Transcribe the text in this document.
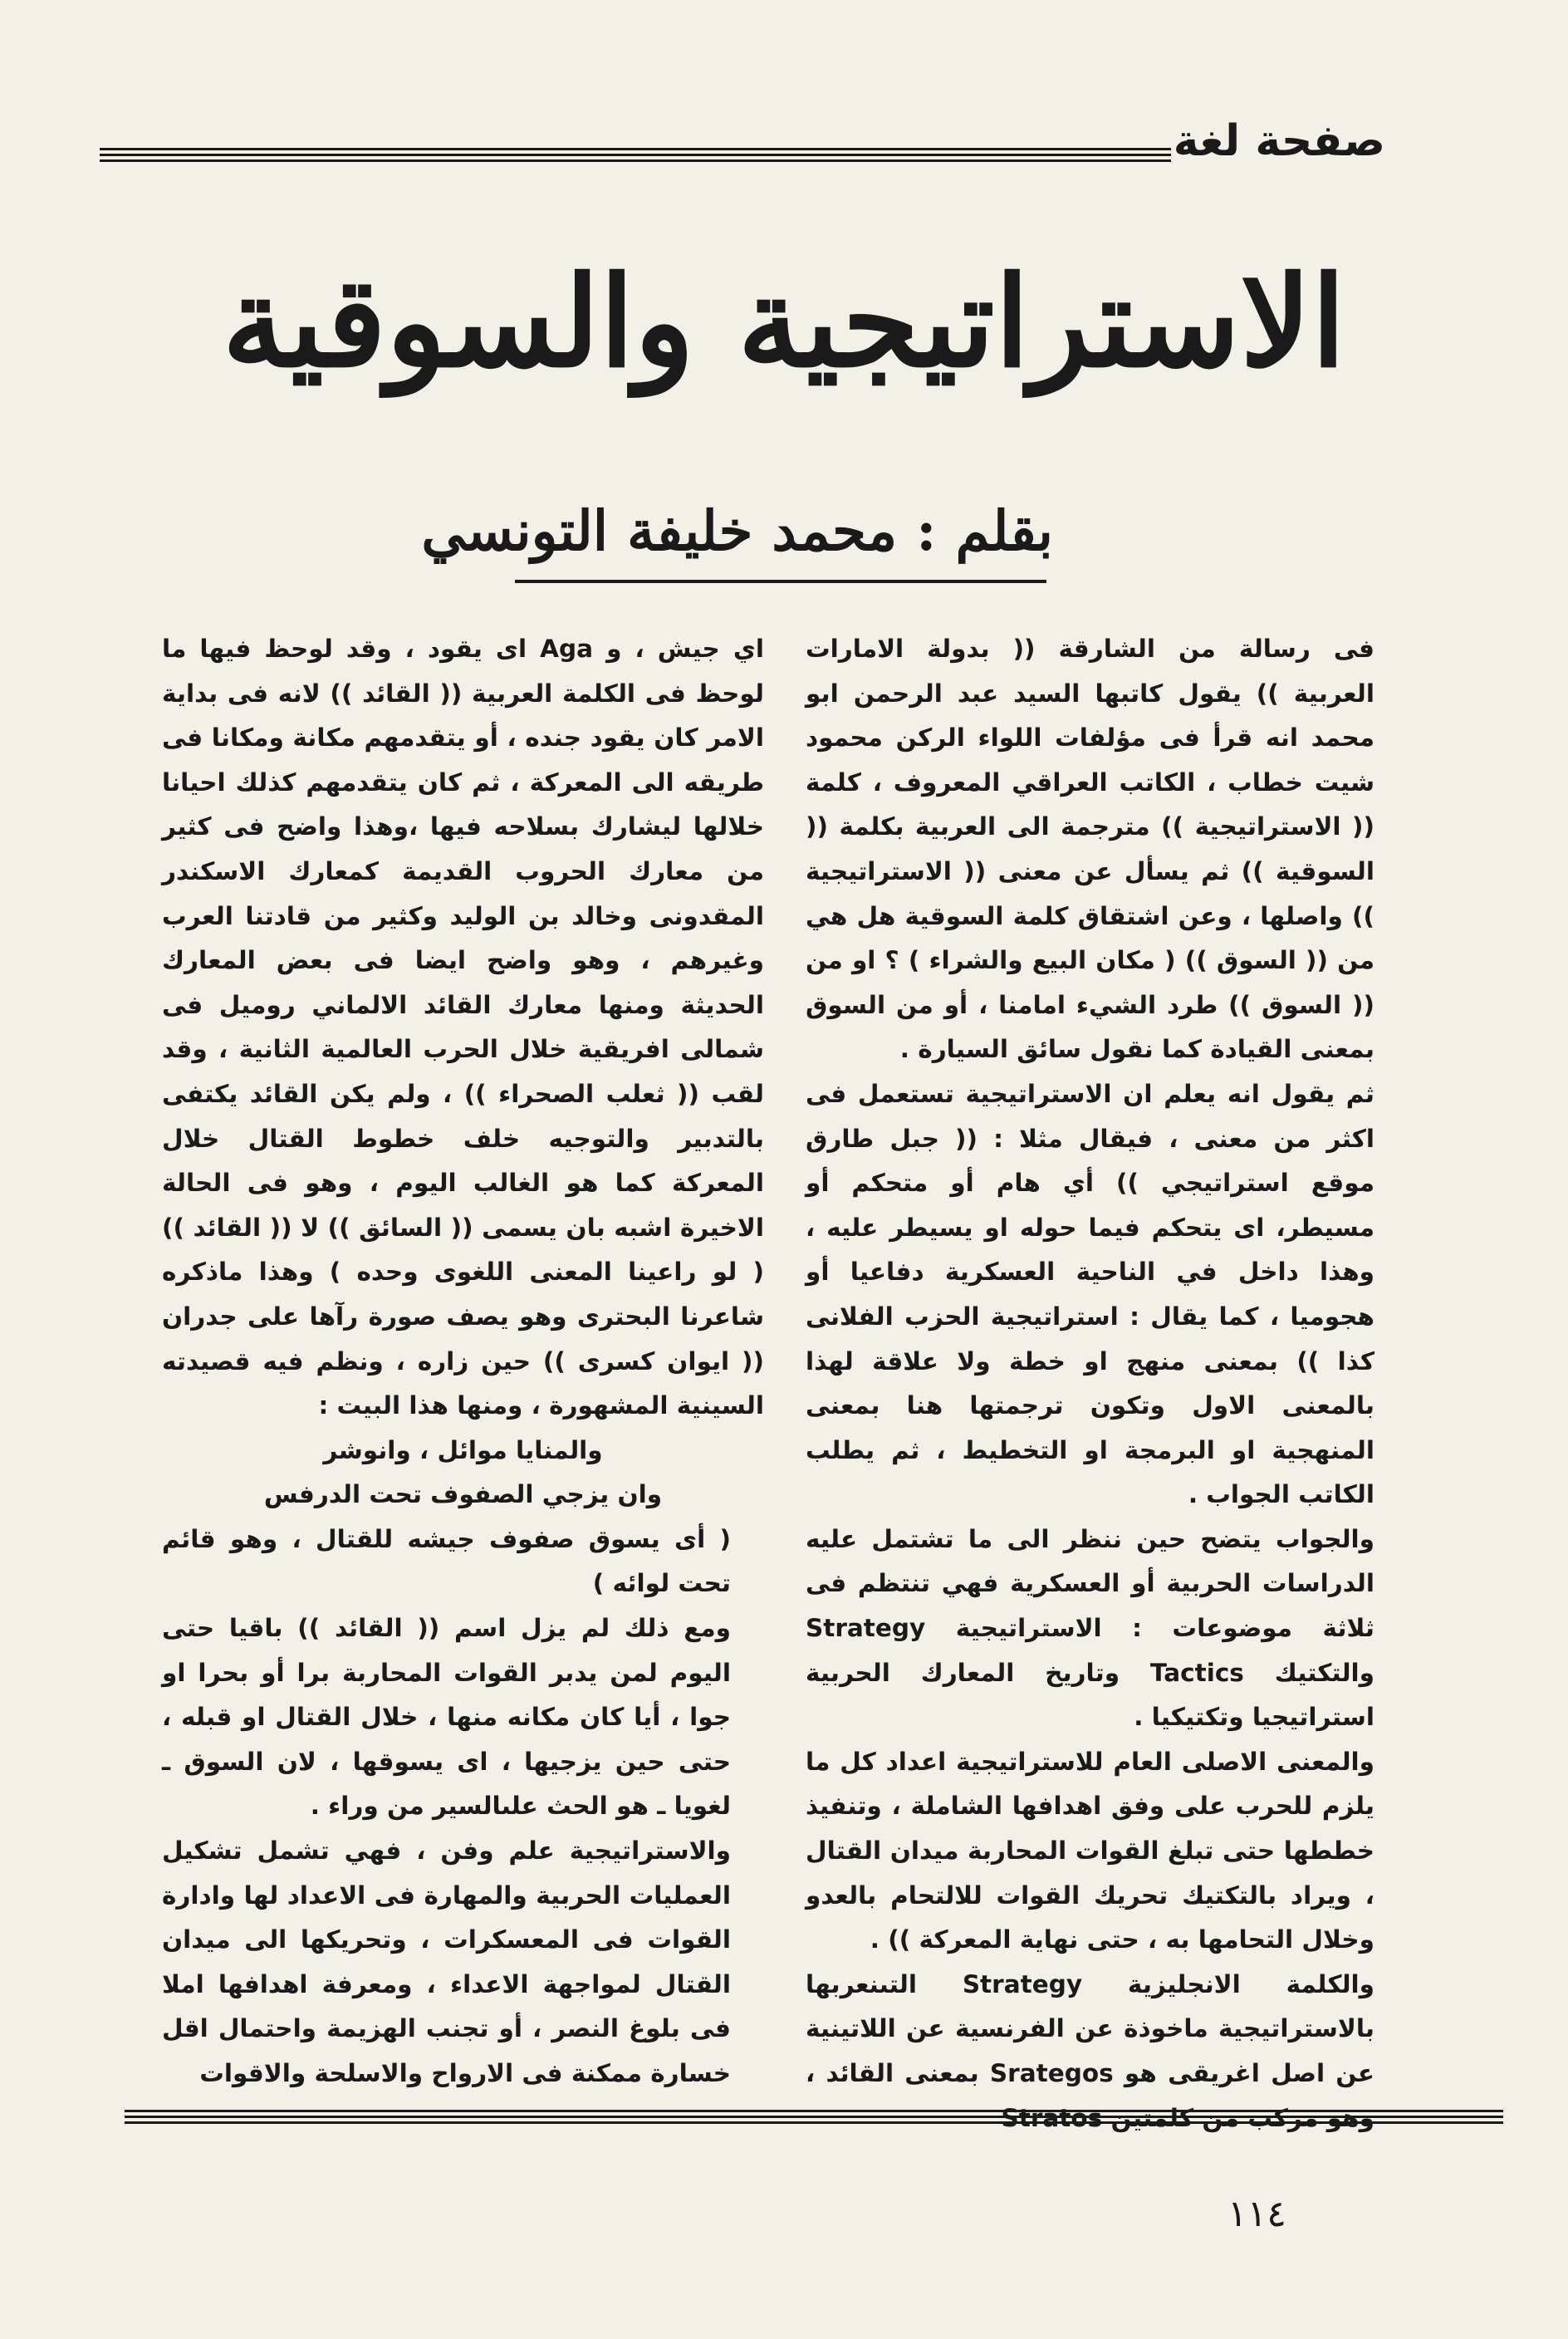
صفحة لغة
الاستراتيجية والسوقية
بقلم : محمد خليفة التونسي

فى رسالة من الشارقة (( بدولة الامارات العربية )) يقول كاتبها السيد عبد الرحمن ابو محمد انه قرأ فى مؤلفات اللواء الركن محمود شيت خطاب ، الكاتب العراقي المعروف ، كلمة (( الاستراتيجية )) مترجمة الى العربية بكلمة (( السوقية )) ثم يسأل عن معنى (( الاستراتيجية )) واصلها ، وعن اشتقاق كلمة السوقية هل هي من (( السوق )) ( مكان البيع والشراء ) ؟ او من (( السوق )) طرد الشيء امامنا ، أو من السوق بمعنى القيادة كما نقول سائق السيارة .

ثم يقول انه يعلم ان الاستراتيجية تستعمل فى اكثر من معنى ، فيقال مثلا : (( جبل طارق موقع استراتيجي )) أي هام أو متحكم أو مسيطر، اى يتحكم فيما حوله او يسيطر عليه ، وهذا داخل في الناحية العسكرية دفاعيا أو هجوميا ، كما يقال : استراتيجية الحزب الفلانى كذا )) بمعنى منهج او خطة ولا علاقة لهذا بالمعنى الاول وتكون ترجمتها هنا بمعنى المنهجية او البرمجة او التخطيط ، ثم يطلب الكاتب الجواب .

والجواب يتضح حين ننظر الى ما تشتمل عليه الدراسات الحربية أو العسكرية فهي تنتظم فى ثلاثة موضوعات : الاستراتيجية Strategy والتكتيك Tactics وتاريخ المعارك الحربية استراتيجيا وتكتيكيا .

والمعنى الاصلى العام للاستراتيجية اعداد كل ما يلزم للحرب على وفق اهدافها الشاملة ، وتنفيذ خططها حتى تبلغ القوات المحاربة ميدان القتال ، ويراد بالتكتيك تحريك القوات للالتحام بالعدو وخلال التحامها به ، حتى نهاية المعركة )) .

والكلمة الانجليزية Strategy التىنعربها بالاستراتيجية ماخوذة عن الفرنسية عن اللاتينية عن اصل اغريقى هو Srategos بمعنى القائد ،

اي جيش ، و Aga اى يقود ، وقد لوحظ فيها ما لوحظ فى الكلمة العربية (( القائد )) لانه فى بداية الامر كان يقود جنده ، أو يتقدمهم مكانة ومكانا فى طريقه الى المعركة ، ثم كان يتقدمهم كذلك احيانا خلالها ليشارك بسلاحه فيها ،وهذا واضح فى كثير من معارك الحروب القديمة كمعارك الاسكندر المقدونى وخالد بن الوليد وكثير من قادتنا العرب وغيرهم ، وهو واضح ايضا فى بعض المعارك الحديثة ومنها معارك القائد الالماني روميل فى شمالى افريقية خلال الحرب العالمية الثانية ، وقد لقب (( ثعلب الصحراء )) ، ولم يكن القائد يكتفى بالتدبير والتوجيه خلف خطوط القتال خلال المعركة كما هو الغالب اليوم ، وهو فى الحالة الاخيرة اشبه بان يسمى (( السائق )) لا (( القائد )) ( لو راعينا المعنى اللغوى وحده ) وهذا ماذكره شاعرنا البحترى وهو يصف صورة رآها على جدران (( ايوان كسرى )) حين زاره ، ونظم فيه قصيدته السينية المشهورة ، ومنها هذا البيت :

والمنايا موائل ، وانوشر

وان يزجي الصفوف تحت الدرفس

( أى يسوق صفوف جيشه للقتال ، وهو قائم تحت لوائه )

ومع ذلك لم يزل اسم (( القائد )) باقيا حتى اليوم لمن يدبر القوات المحاربة برا أو بحرا او جوا ، أيا كان مكانه منها ، خلال القتال او قبله ، حتى حين يزجيها ، اى يسوقها ، لان السوق ـ لغويا ـ هو الحث علىالسير من وراء .

والاستراتيجية علم وفن ، فهي تشمل تشكيل العمليات الحربية والمهارة فى الاعداد لها وادارة القوات فى المعسكرات ، وتحريكها الى ميدان القتال لمواجهة الاعداء ، ومعرفة اهدافها املا فى بلوغ النصر ، أو تجنب الهزيمة واحتمال اقل خسارة ممكنة فى الارواح والاسلحة والاقوات

١١٤
